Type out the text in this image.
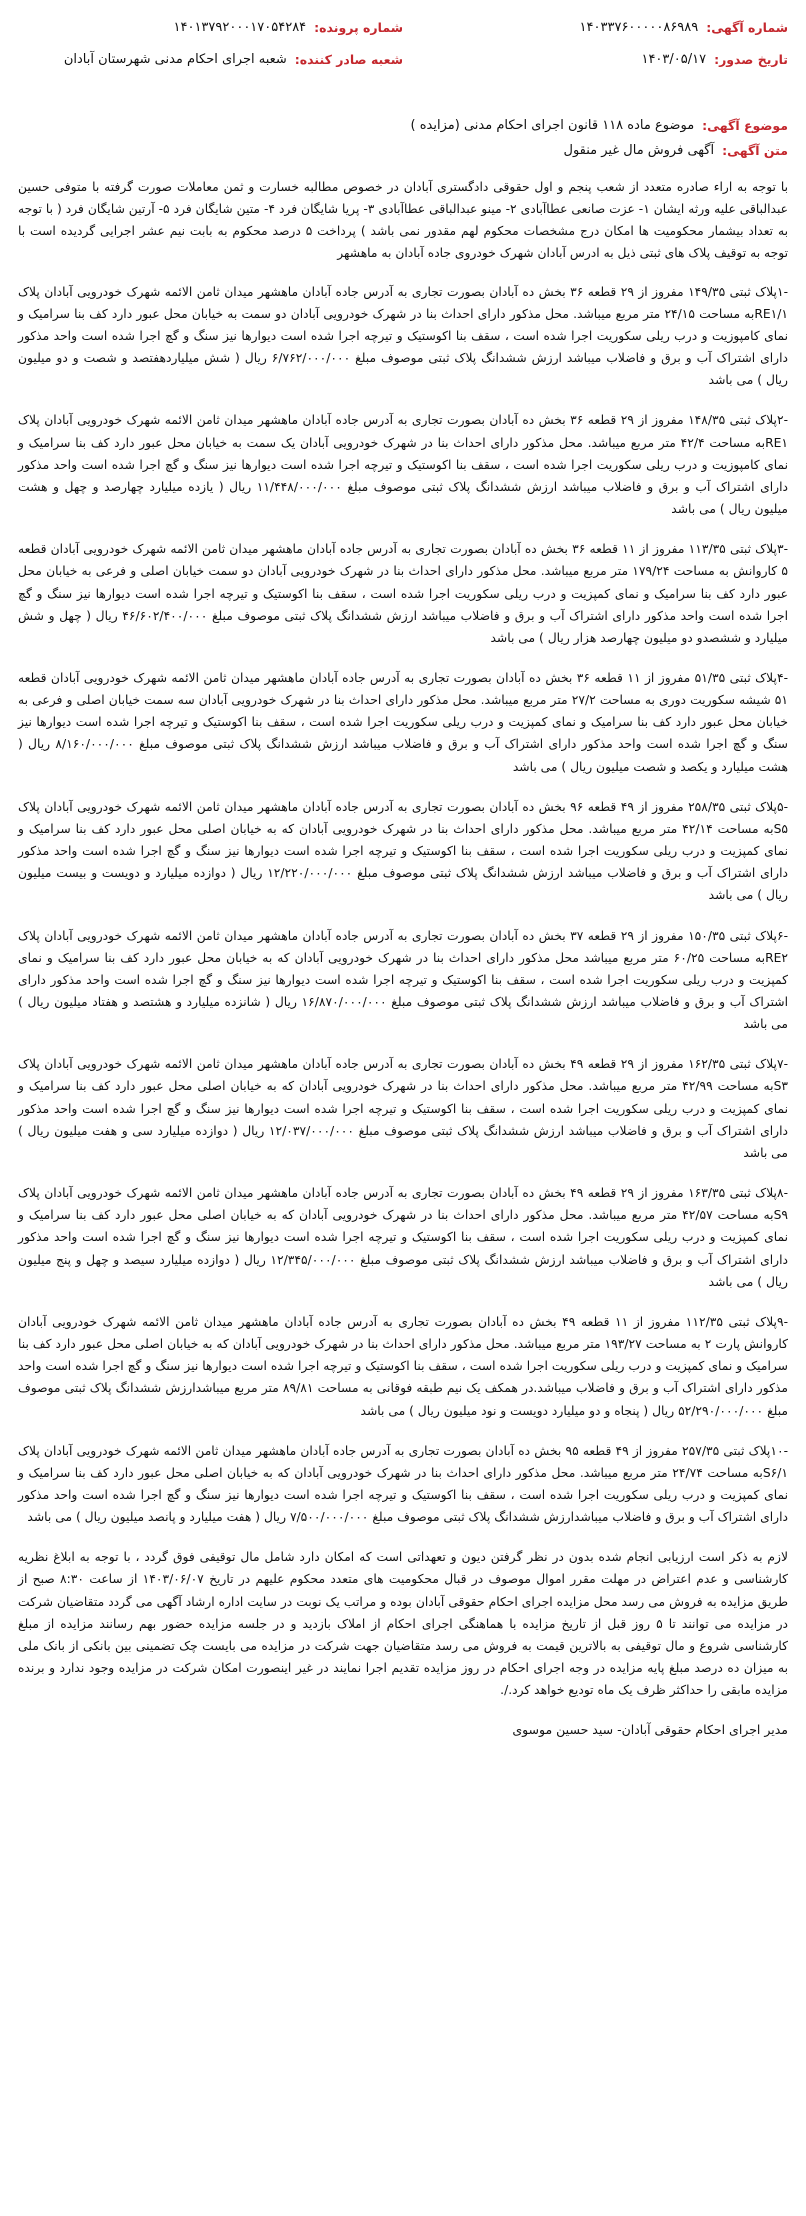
شماره آگهی:
۱۴۰۳۳۷۶۰۰۰۰۰۸۶۹۸۹
تاریخ صدور:
۱۴۰۳/۰۵/۱۷
شماره پرونده:
۱۴۰۱۳۷۹۲۰۰۰۱۷۰۵۴۲۸۴
شعبه صادر کننده:
شعبه اجرای احکام مدنی شهرستان آبادان
موضوع آگهی:
موضوع ماده ۱۱۸ قانون اجرای احکام مدنی (مزایده )
متن آگهی:
آگهی فروش مال غیر منقول

با توجه به اراء صادره متعدد از شعب پنجم و اول حقوقی دادگستری آبادان در خصوص مطالبه خسارت و ثمن معاملات صورت گرفته با متوفی حسین عبدالباقی علیه ورثه ایشان ۱- عزت صانعی عطاآبادی ۲- مینو عبدالباقی عطاآبادی ۳- پریا شایگان فرد ۴- متین شایگان فرد ۵- آرتین شایگان فرد ( با توجه به تعداد بیشمار محکومیت ها امکان درج مشخصات محکوم لهم مقدور نمی باشد ) پرداخت ۵ درصد محکوم به بابت نیم عشر اجرایی گردیده است با توجه به توقیف پلاک های ثبتی ذیل به ادرس آبادان شهرک خودروی جاده آبادان به ماهشهر

-۱پلاک ثبتی ۱۴۹/۳۵ مفروز از ۲۹ قطعه ۳۶ بخش ده آبادان بصورت تجاری به آدرس جاده آبادان ماهشهر میدان ثامن الائمه شهرک خودرویی آبادان پلاک RE۱/۱به مساحت ۲۴/۱۵ متر مربع میباشد. محل مذکور دارای احداث بنا در شهرک خودرویی آبادان دو سمت به خیابان محل عبور دارد کف بنا سرامیک و نمای کامپوزیت و درب ریلی سکوریت اجرا شده است ، سقف بنا اکوستیک و تیرچه اجرا شده است دیوارها نیز سنگ و گچ اجرا شده است واحد مذکور دارای اشتراک آب و برق و فاضلاب میباشد ارزش ششدانگ پلاک ثبتی موصوف مبلغ ۶/۷۶۲/۰۰۰/۰۰۰ ریال ( شش میلیاردهفتصد و شصت و دو میلیون ریال ) می باشد

-۲پلاک ثبتی ۱۴۸/۳۵ مفروز از ۲۹ قطعه ۳۶ بخش ده آبادان بصورت تجاری به آدرس جاده آبادان ماهشهر میدان ثامن الائمه شهرک خودرویی آبادان پلاک RE۱به مساحت ۴۲/۴ متر مربع میباشد. محل مذکور دارای احداث بنا در شهرک خودرویی آبادان یک سمت به خیابان محل عبور دارد کف بنا سرامیک و نمای کامپوزیت و درب ریلی سکوریت اجرا شده است ، سقف بنا اکوستیک و تیرچه اجرا شده است دیوارها نیز سنگ و گچ اجرا شده است واحد مذکور دارای اشتراک آب و برق و فاضلاب میباشد ارزش ششدانگ پلاک ثبتی موصوف مبلغ ۱۱/۴۴۸/۰۰۰/۰۰۰ ریال ( یازده میلیارد چهارصد و چهل و هشت میلیون ریال ) می باشد

-۳پلاک ثبتی ۱۱۳/۳۵ مفروز از ۱۱ قطعه ۳۶ بخش ده آبادان بصورت تجاری به آدرس جاده آبادان ماهشهر میدان ثامن الائمه شهرک خودرویی آبادان قطعه ۵ کاروانش به مساحت ۱۷۹/۲۴ متر مربع میباشد. محل مذکور دارای احداث بنا در شهرک خودرویی آبادان دو سمت خیابان اصلی و فرعی به خیابان محل عبور دارد کف بنا سرامیک و نمای کمپزیت و درب ریلی سکوریت اجرا شده است ، سقف بنا اکوستیک و تیرچه اجرا شده است دیوارها نیز سنگ و گچ اجرا شده است واحد مذکور دارای اشتراک آب و برق و فاضلاب میباشد ارزش ششدانگ پلاک ثبتی موصوف مبلغ ۴۶/۶۰۲/۴۰۰/۰۰۰ ریال ( چهل و شش میلیارد و ششصدو دو میلیون چهارصد هزار ریال ) می باشد

-۴پلاک ثبتی ۵۱/۳۵ مفروز از ۱۱ قطعه ۳۶ بخش ده آبادان بصورت تجاری به آدرس جاده آبادان ماهشهر میدان ثامن الائمه شهرک خودرویی آبادان قطعه ۵۱ شیشه سکوریت دوری به مساحت ۲۷/۲ متر مربع میباشد. محل مذکور دارای احداث بنا در شهرک خودرویی آبادان سه سمت خیابان اصلی و فرعی به خیابان محل عبور دارد کف بنا سرامیک و نمای کمپزیت و درب ریلی سکوریت اجرا شده است ، سقف بنا اکوستیک و تیرچه اجرا شده است دیوارها نیز سنگ و گچ اجرا شده است واحد مذکور دارای اشتراک آب و برق و فاضلاب میباشد ارزش ششدانگ پلاک ثبتی موصوف مبلغ ۸/۱۶۰/۰۰۰/۰۰۰ ریال ( هشت میلیارد و یکصد و شصت میلیون ریال ) می باشد

-۵پلاک ثبتی ۲۵۸/۳۵ مفروز از ۴۹ قطعه ۹۶ بخش ده آبادان بصورت تجاری به آدرس جاده آبادان ماهشهر میدان ثامن الائمه شهرک خودرویی آبادان پلاک S۵به مساحت ۴۲/۱۴ متر مربع میباشد. محل مذکور دارای احداث بنا در شهرک خودرویی آبادان که به خیابان اصلی محل عبور دارد کف بنا سرامیک و نمای کمپزیت و درب ریلی سکوریت اجرا شده است ، سقف بنا اکوستیک و تیرچه اجرا شده است دیوارها نیز سنگ و گچ اجرا شده است واحد مذکور دارای اشتراک آب و برق و فاضلاب میباشد ارزش ششدانگ پلاک ثبتی موصوف مبلغ ۱۲/۲۲۰/۰۰۰/۰۰۰ ریال ( دوازده میلیارد و دویست و بیست میلیون ریال ) می باشد

-۶پلاک ثبتی ۱۵۰/۳۵ مفروز از ۲۹ قطعه ۳۷ بخش ده آبادان بصورت تجاری به آدرس جاده آبادان ماهشهر میدان ثامن الائمه شهرک خودرویی آبادان پلاک RE۲به مساحت ۶۰/۲۵ متر مربع میباشد محل مذکور دارای احداث بنا در شهرک خودرویی آبادان که به خیابان محل عبور دارد کف بنا سرامیک و نمای کمپزیت و درب ریلی سکوریت اجرا شده است ، سقف بنا اکوستیک و تیرچه اجرا شده است دیوارها نیز سنگ و گچ اجرا شده است واحد مذکور دارای اشتراک آب و برق و فاضلاب میباشد ارزش ششدانگ پلاک ثبتی موصوف مبلغ ۱۶/۸۷۰/۰۰۰/۰۰۰ ریال ( شانزده میلیارد و هشتصد و هفتاد میلیون ریال ) می باشد

-۷پلاک ثبتی ۱۶۲/۳۵ مفروز از ۲۹ قطعه ۴۹ بخش ده آبادان بصورت تجاری به آدرس جاده آبادان ماهشهر میدان ثامن الائمه شهرک خودرویی آبادان پلاک S۳به مساحت ۴۲/۹۹ متر مربع میباشد. محل مذکور دارای احداث بنا در شهرک خودرویی آبادان که به خیابان اصلی محل عبور دارد کف بنا سرامیک و نمای کمپزیت و درب ریلی سکوریت اجرا شده است ، سقف بنا اکوستیک و تیرچه اجرا شده است دیوارها نیز سنگ و گچ اجرا شده است واحد مذکور دارای اشتراک آب و برق و فاضلاب میباشد ارزش ششدانگ پلاک ثبتی موصوف مبلغ ۱۲/۰۳۷/۰۰۰/۰۰۰ ریال ( دوازده میلیارد سی و هفت میلیون ریال ) می باشد

-۸پلاک ثبتی ۱۶۳/۳۵ مفروز از ۲۹ قطعه ۴۹ بخش ده آبادان بصورت تجاری به آدرس جاده آبادان ماهشهر میدان ثامن الائمه شهرک خودرویی آبادان پلاک S۹به مساحت ۴۲/۵۷ متر مربع میباشد. محل مذکور دارای احداث بنا در شهرک خودرویی آبادان که به خیابان اصلی محل عبور دارد کف بنا سرامیک و نمای کمپزیت و درب ریلی سکوریت اجرا شده است ، سقف بنا اکوستیک و تیرچه اجرا شده است دیوارها نیز سنگ و گچ اجرا شده است واحد مذکور دارای اشتراک آب و برق و فاضلاب میباشد ارزش ششدانگ پلاک ثبتی موصوف مبلغ ۱۲/۳۴۵/۰۰۰/۰۰۰ ریال ( دوازده میلیارد سیصد و چهل و پنج میلیون ریال ) می باشد

-۹پلاک ثبتی ۱۱۲/۳۵ مفروز از ۱۱ قطعه ۴۹ بخش ده آبادان بصورت تجاری به آدرس جاده آبادان ماهشهر میدان ثامن الائمه شهرک خودرویی آبادان کاروانش پارت ۲ به مساحت ۱۹۳/۲۷ متر مربع میباشد. محل مذکور دارای احداث بنا در شهرک خودرویی آبادان که به خیابان اصلی محل عبور دارد کف بنا سرامیک و نمای کمپزیت و درب ریلی سکوریت اجرا شده است ، سقف بنا اکوستیک و تیرچه اجرا شده است دیوارها نیز سنگ و گچ اجرا شده است واحد مذکور دارای اشتراک آب و برق و فاضلاب میباشد.در همکف یک نیم طبقه فوقانی به مساحت ۸۹/۸۱ متر مربع میباشدارزش ششدانگ پلاک ثبتی موصوف مبلغ ۵۲/۲۹۰/۰۰۰/۰۰۰ ریال ( پنجاه و دو میلیارد دویست و نود میلیون ریال ) می باشد

-۱۰پلاک ثبتی ۲۵۷/۳۵ مفروز از ۴۹ قطعه ۹۵ بخش ده آبادان بصورت تجاری به آدرس جاده آبادان ماهشهر میدان ثامن الائمه شهرک خودرویی آبادان پلاک S۶/۱به مساحت ۲۴/۷۴ متر مربع میباشد. محل مذکور دارای احداث بنا در شهرک خودرویی آبادان که به خیابان اصلی محل عبور دارد کف بنا سرامیک و نمای کمپزیت و درب ریلی سکوریت اجرا شده است ، سقف بنا اکوستیک و تیرچه اجرا شده است دیوارها نیز سنگ و گچ اجرا شده است واحد مذکور دارای اشتراک آب و برق و فاضلاب میباشدارزش ششدانگ پلاک ثبتی موصوف مبلغ ۷/۵۰۰/۰۰۰/۰۰۰ ریال ( هفت میلیارد و پانصد میلیون ریال ) می باشد

لازم به ذکر است ارزیابی انجام شده بدون در نظر گرفتن دیون و تعهداتی است که امکان دارد شامل مال توقیفی فوق گردد ، با توجه به ابلاغ نظریه کارشناسی و عدم اعتراض در مهلت مقرر اموال موصوف در قبال محکومیت های متعدد محکوم علیهم در تاریخ ۱۴۰۳/۰۶/۰۷ از ساعت ۸:۳۰ صبح از طریق مزایده به فروش می رسد محل مزایده اجرای احکام حقوقی آبادان بوده و مراتب یک نوبت در سایت اداره ارشاد آگهی می گردد متقاضیان شرکت در مزایده می توانند تا ۵ روز قبل از تاریخ مزایده با هماهنگی اجرای احکام از املاک بازدید و در جلسه مزایده حضور بهم رسانند مزایده از مبلغ کارشناسی شروع و مال توقیفی به بالاترین قیمت به فروش می رسد متقاضیان جهت شرکت در مزایده می بایست چک تضمینی بین بانکی از بانک ملی به میزان ده درصد مبلغ پایه مزایده در وجه اجرای احکام در روز مزایده تقدیم اجرا نمایند در غیر اینصورت امکان شرکت در مزایده وجود ندارد و برنده مزایده مابقی را حداکثر ظرف یک ماه تودیع خواهد کرد./.

مدیر اجرای احکام حقوقی آبادان- سید حسین موسوی
